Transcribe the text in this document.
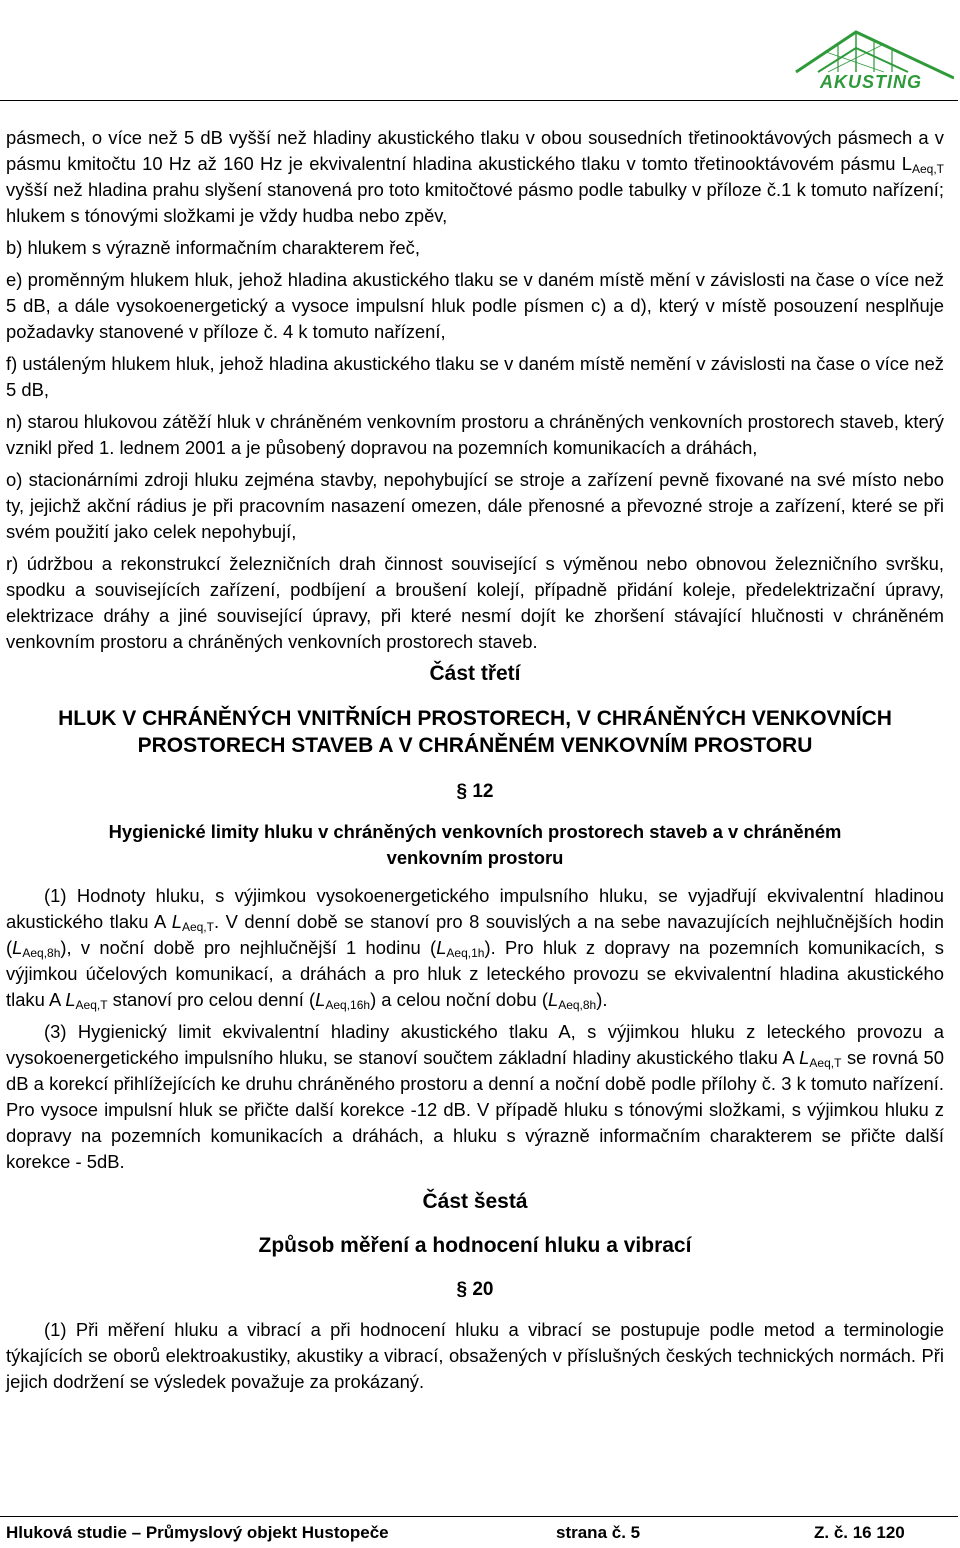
AKUSTING

pásmech, o více než 5 dB vyšší než hladiny akustického tlaku v obou sousedních třetinooktávových pásmech a v pásmu kmitočtu 10 Hz až 160 Hz je ekvivalentní hladina akustického tlaku v tomto třetinooktávovém pásmu $L_{Aeq,T}$ vyšší než hladina prahu slyšení stanovená pro toto kmitočtové pásmo podle tabulky v příloze č.1 k tomuto nařízení; hlukem s tónovými složkami je vždy hudba nebo zpěv,

b) hlukem s výrazně informačním charakterem řeč,

e) proměnným hlukem hluk, jehož hladina akustického tlaku se v daném místě mění v závislosti na čase o více než 5 dB, a dále vysokoenergetický a vysoce impulsní hluk podle písmen c) a d), který v místě posouzení nesplňuje požadavky stanovené v příloze č. 4 k tomuto nařízení,

f) ustáleným hlukem hluk, jehož hladina akustického tlaku se v daném místě nemění v závislosti na čase o více než 5 dB,

n) starou hlukovou zátěží hluk v chráněném venkovním prostoru a chráněných venkovních prostorech staveb, který vznikl před 1. lednem 2001 a je působený dopravou na pozemních komunikacích a dráhách,

o) stacionárními zdroji hluku zejména stavby, nepohybující se stroje a zařízení pevně fixované na své místo nebo ty, jejichž akční rádius je při pracovním nasazení omezen, dále přenosné a převozné stroje a zařízení, které se při svém použití jako celek nepohybují,

r) údržbou a rekonstrukcí železničních drah činnost související s výměnou nebo obnovou železničního svršku, spodku a souvisejících zařízení, podbíjení a broušení kolejí, případně přidání koleje, předelektrizační úpravy, elektrizace dráhy a jiné související úpravy, při které nesmí dojít ke zhoršení stávající hlučnosti v chráněném venkovním prostoru a chráněných venkovních prostorech staveb.

Část třetí

HLUK V CHRÁNĚNÝCH VNITŘNÍCH PROSTORECH, V CHRÁNĚNÝCH VENKOVNÍCH
PROSTORECH STAVEB A V CHRÁNĚNÉM VENKOVNÍM PROSTORU

§ 12

Hygienické limity hluku v chráněných venkovních prostorech staveb a v chráněném
venkovním prostoru

(1) Hodnoty hluku, s výjimkou vysokoenergetického impulsního hluku, se vyjadřují ekvivalentní hladinou akustického tlaku A $L_{Aeq,T}$. V denní době se stanoví pro 8 souvislých a na sebe navazujících nejhlučnějších hodin $(L_{Aeq,8h})$, v noční době pro nejhlučnější 1 hodinu $(L_{Aeq,1h})$. Pro hluk z dopravy na pozemních komunikacích, s výjimkou účelových komunikací, a dráhách a pro hluk z leteckého provozu se ekvivalentní hladina akustického tlaku A $L_{Aeq,T}$ stanoví pro celou denní $(L_{Aeq,16h})$ a celou noční dobu $(L_{Aeq,8h})$.

(3) Hygienický limit ekvivalentní hladiny akustického tlaku A, s výjimkou hluku z leteckého provozu a vysokoenergetického impulsního hluku, se stanoví součtem základní hladiny akustického tlaku A $L_{Aeq,T}$ se rovná 50 dB a korekcí přihlížejících ke druhu chráněného prostoru a denní a noční době podle přílohy č. 3 k tomuto nařízení. Pro vysoce impulsní hluk se přičte další korekce -12 dB. V případě hluku s tónovými složkami, s výjimkou hluku z dopravy na pozemních komunikacích a dráhách, a hluku s výrazně informačním charakterem se přičte další korekce - 5dB.

Část šestá

Způsob měření a hodnocení hluku a vibrací

§ 20

(1) Při měření hluku a vibrací a při hodnocení hluku a vibrací se postupuje podle metod a terminologie týkajících se oborů elektroakustiky, akustiky a vibrací, obsažených v příslušných českých technických normách. Při jejich dodržení se výsledek považuje za prokázaný.

Hluková studie – Průmyslový objekt Hustopeče	strana č. 5	Z. č. 16 120
